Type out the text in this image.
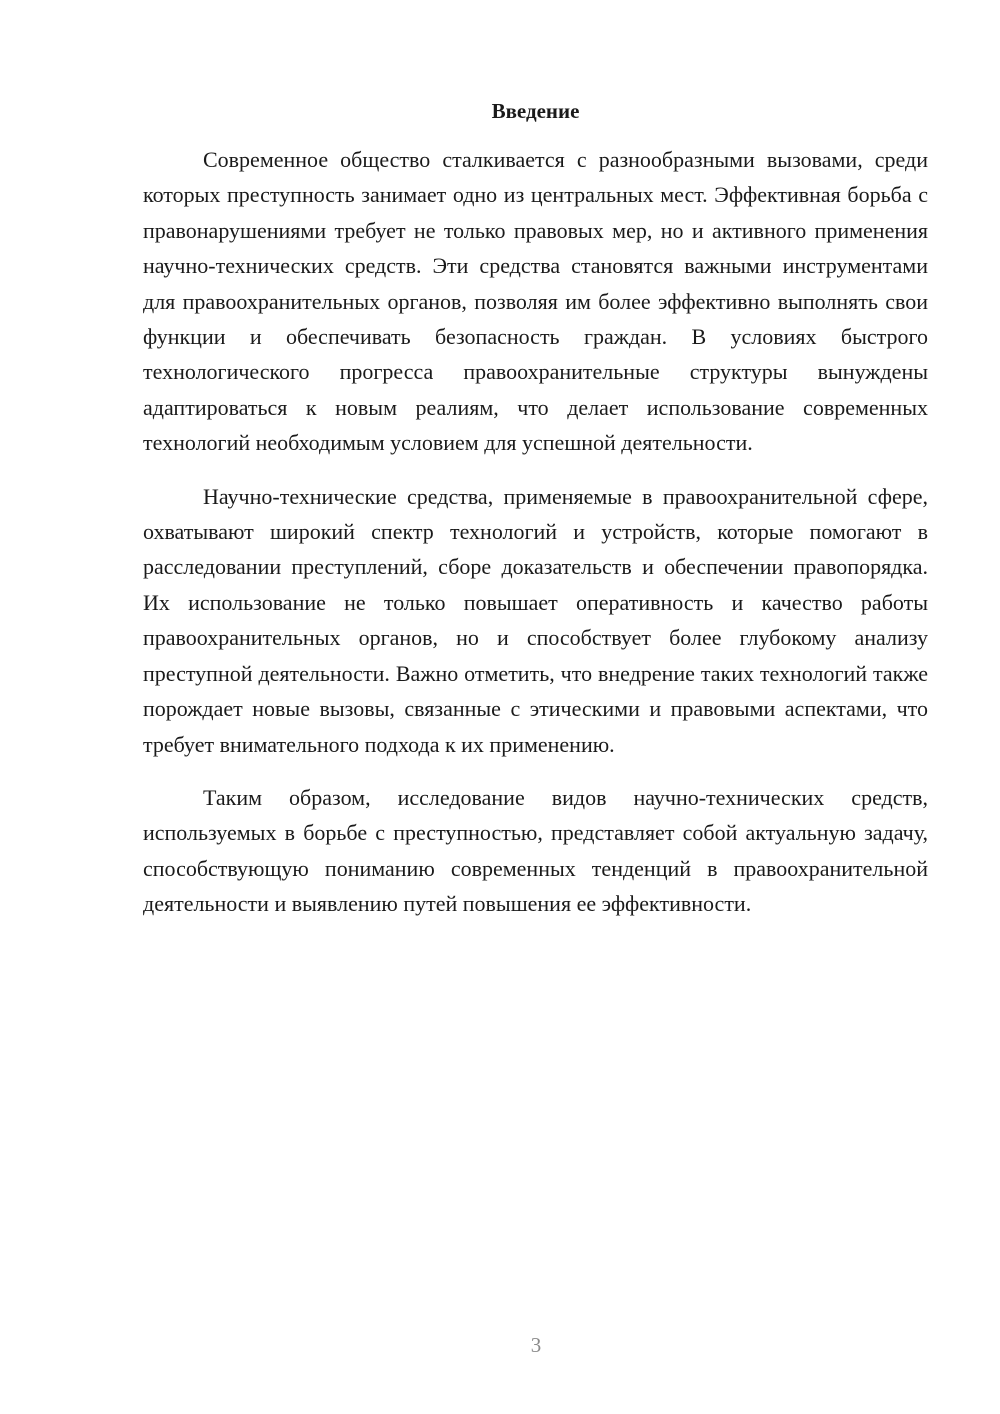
Введение

Современное общество сталкивается с разнообразными вызовами, среди которых преступность занимает одно из центральных мест. Эффективная борьба с правонарушениями требует не только правовых мер, но и активного применения научно-технических средств. Эти средства становятся важными инструментами для правоохранительных органов, позволяя им более эффективно выполнять свои функции и обеспечивать безопасность граждан. В условиях быстрого технологического прогресса правоохранительные структуры вынуждены адаптироваться к новым реалиям, что делает использование современных технологий необходимым условием для успешной деятельности.

Научно-технические средства, применяемые в правоохранительной сфере, охватывают широкий спектр технологий и устройств, которые помогают в расследовании преступлений, сборе доказательств и обеспечении правопорядка. Их использование не только повышает оперативность и качество работы правоохранительных органов, но и способствует более глубокому анализу преступной деятельности. Важно отметить, что внедрение таких технологий также порождает новые вызовы, связанные с этическими и правовыми аспектами, что требует внимательного подхода к их применению.

Таким образом, исследование видов научно-технических средств, используемых в борьбе с преступностью, представляет собой актуальную задачу, способствующую пониманию современных тенденций в правоохранительной деятельности и выявлению путей повышения ее эффективности.

3
